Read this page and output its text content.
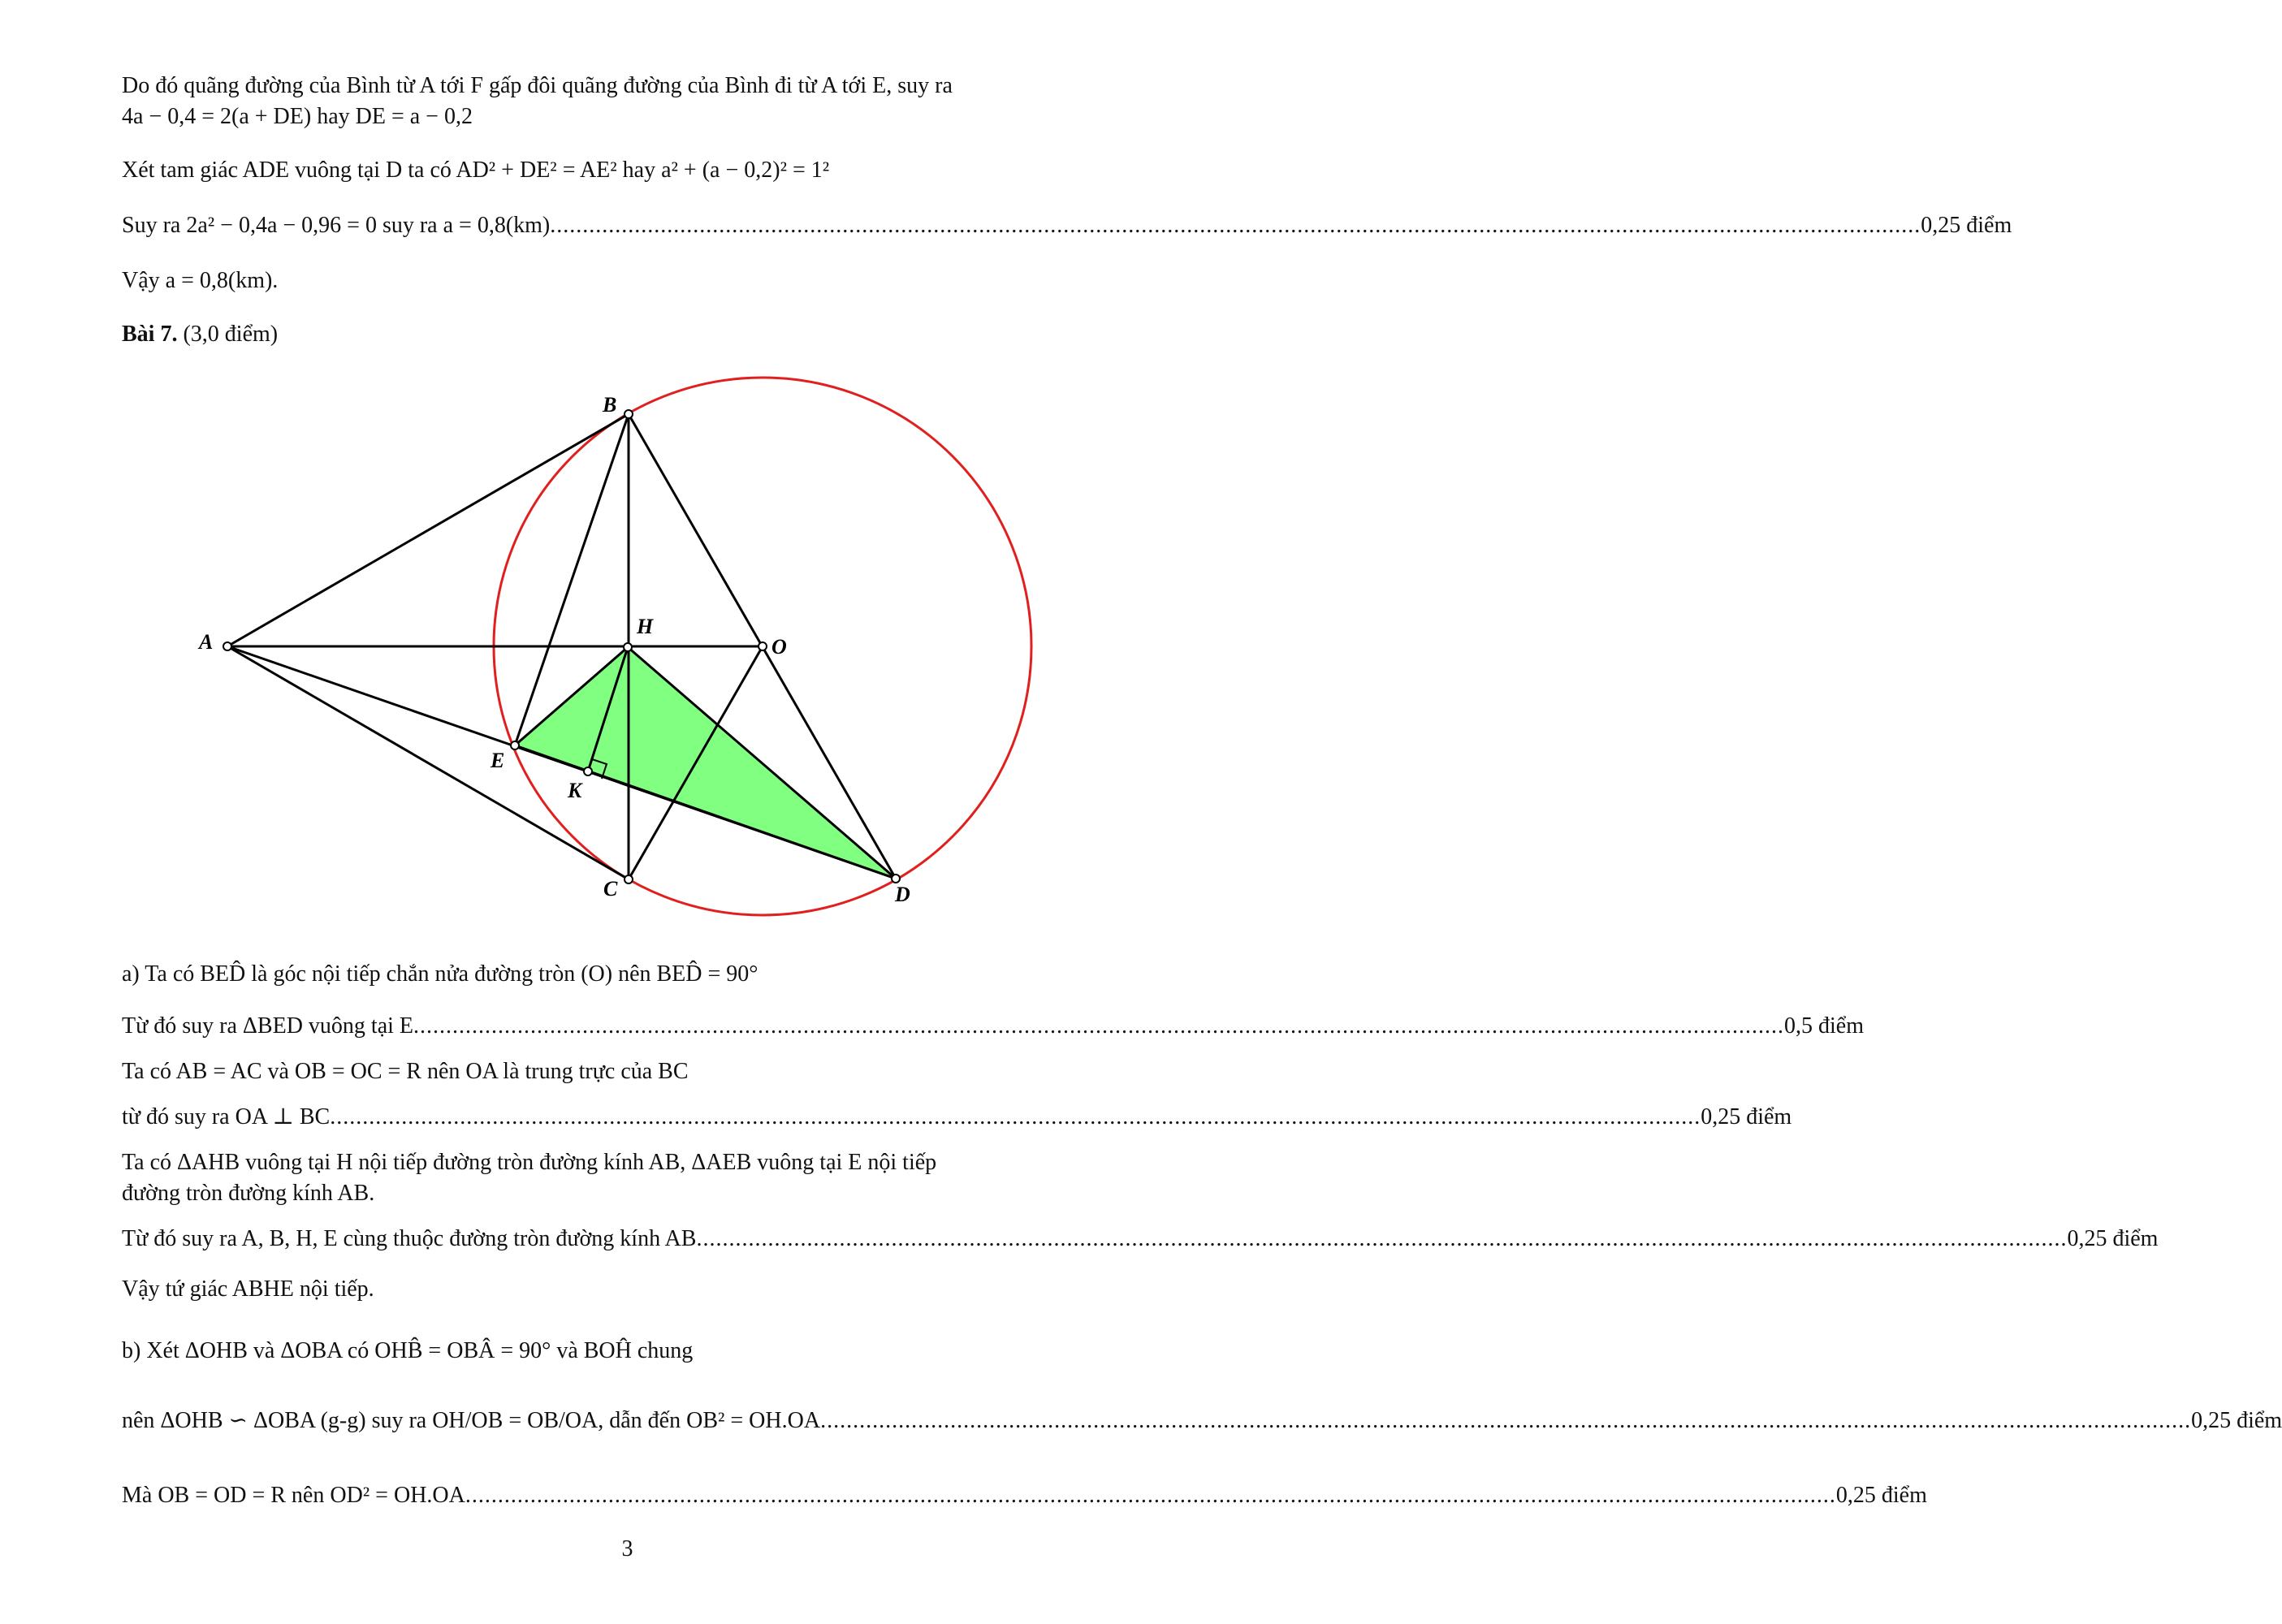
Do đó quãng đường của Bình từ A tới F gấp đôi quãng đường của Bình đi từ A tới E, suy ra
4a − 0,4 = 2(a + DE) hay DE = a − 0,2
Xét tam giác ADE vuông tại D ta có AD² + DE² = AE² hay a² + (a − 0,2)² = 1²
Suy ra 2a² − 0,4a − 0,96 = 0 suy ra a = 0,8(km) ................................................................................................................................................................................................................... 0,25 điểm
Vậy a = 0,8(km).
Bài 7. (3,0 điểm)
A
B
C	D
E
H
K
O
a) Ta có BED̂ là góc nội tiếp chắn nửa đường tròn (O) nên BED̂ = 90°
Từ đó suy ra ΔBED vuông tại E ................................................................................................................................................................................................................... 0,5 điểm
Ta có AB = AC và OB = OC = R nên OA là trung trực của BC
từ đó suy ra OA ⊥ BC ................................................................................................................................................................................................................... 0,25 điểm
Ta có ΔAHB vuông tại H nội tiếp đường tròn đường kính AB, ΔAEB vuông tại E nội tiếp
đường tròn đường kính AB.
Từ đó suy ra A, B, H, E cùng thuộc đường tròn đường kính AB ................................................................................................................................................................................................................... 0,25 điểm
Vậy tứ giác ABHE nội tiếp.
b) Xét ΔOHB và ΔOBA có OHB̂ = OBÂ = 90° và BOĤ chung
nên ΔOHB ∽ ΔOBA (g-g) suy ra OH/OB = OB/OA, dẫn đến OB² = OH.OA ................................................................................................................................................................................................................... 0,25 điểm
Mà OB = OD = R nên OD² = OH.OA ................................................................................................................................................................................................................... 0,25 điểm
3
